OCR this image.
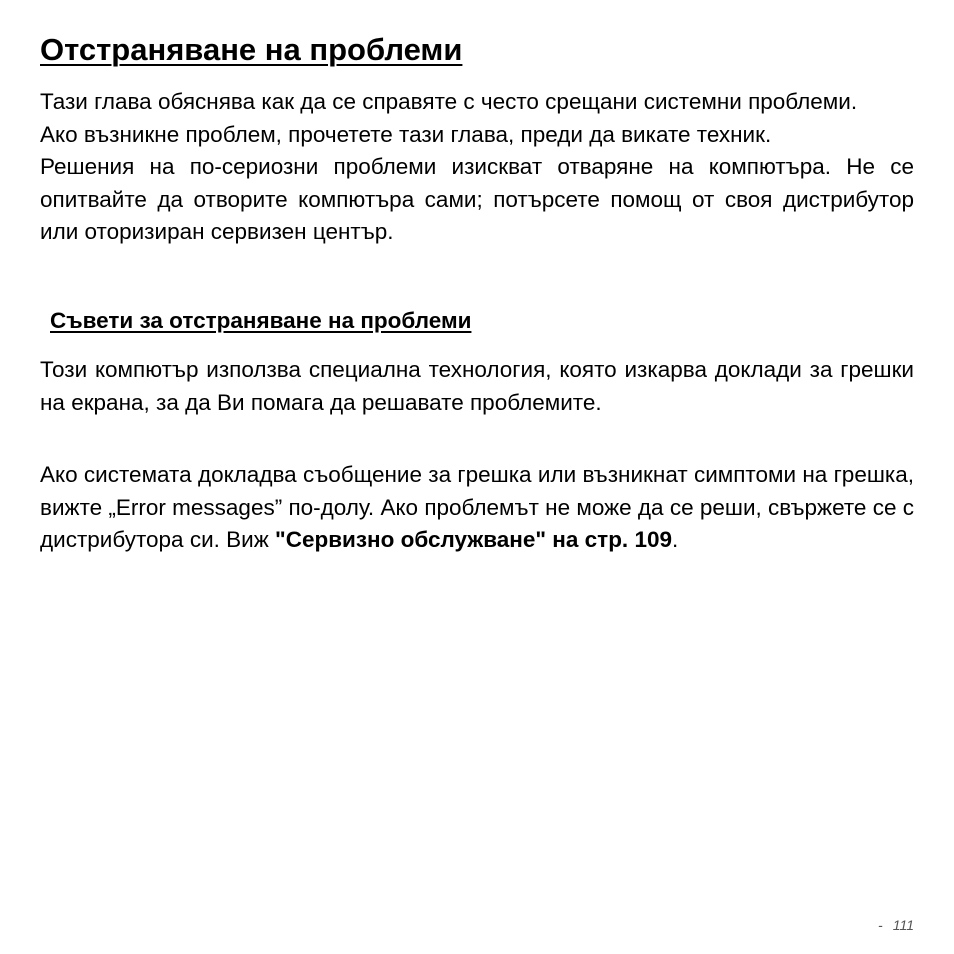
Отстраняване на проблеми
Тази глава обяснява как да се справяте с често срещани системни проблеми.
Ако възникне проблем, прочетете тази глава, преди да викате техник.
Решения на по-сериозни проблеми изискват отваряне на компютъра. Не се опитвайте да отворите компютъра сами; потърсете помощ от своя дистрибутор или оторизиран сервизен център.
Съвети за отстраняване на проблеми

Този компютър използва специална технология, която изкарва доклади за грешки на екрана, за да Ви помага да решавате проблемите.

Ако системата докладва съобщение за грешка или възникнат симптоми на грешка, вижте „Error messages” по-долу. Ако проблемът не може да се реши, свържете се с дистрибутора си. Виж "Сервизно обслужване" на стр. 109.

- 111
